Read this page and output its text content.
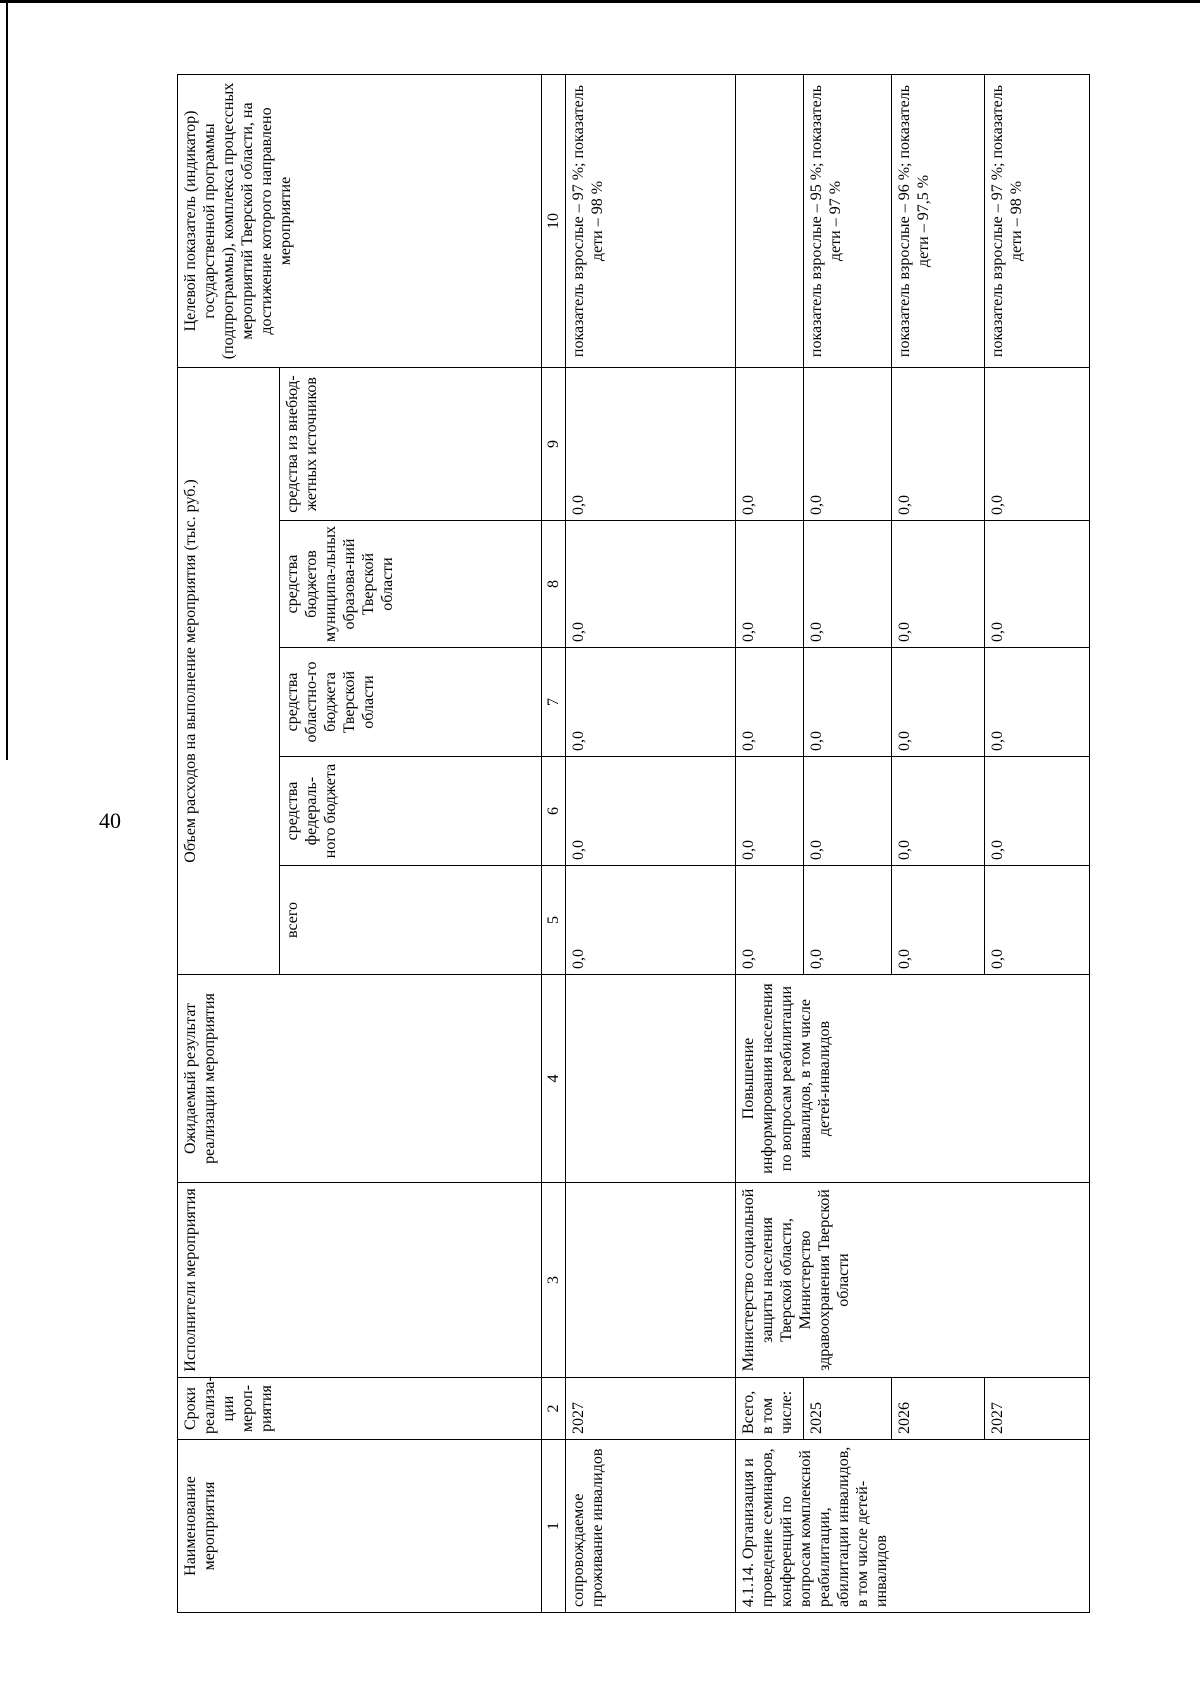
40
Наименование мероприятия	Сроки реализа-ции мероп-риятия	Исполнители мероприятия	Ожидаемый результат реализации мероприятия	Объем расходов на выполнение мероприятия (тыс. руб.)					Целевой показатель (индикатор) государственной программы (подпрограммы), комплекса процессных мероприятий Тверской области, на достижение которого направлено мероприятие
				всего	средства федераль-ного бюджета	средства областно-го бюджета Тверской области	средства бюджетов муниципа-льных образова-ний Тверской области	средства из внебюд-жетных источников	
1	2	3	4	5	6	7	8	9	10
сопровождаемое проживание инвалидов	2027			0,0	0,0	0,0	0,0	0,0	показатель взрослые – 97 %; показатель дети – 98 %
4.1.14. Организация и проведение семинаров, конференций по вопросам комплексной реабилитации, абилитации инвалидов, в том числе детей-инвалидов	Всего, в том числе:	Министерство социальной защиты населения Тверской области, Министерство здравоохранения Тверской области	Повышение информирования населения по вопросам реабилитации инвалидов, в том числе детей-инвалидов	0,0	0,0	0,0	0,0	0,0	
	2025			0,0	0,0	0,0	0,0	0,0	показатель взрослые – 95 %; показатель дети – 97 %
	2026			0,0	0,0	0,0	0,0	0,0	показатель взрослые – 96 %; показатель дети – 97,5 %
	2027			0,0	0,0	0,0	0,0	0,0	показатель взрослые – 97 %; показатель дети – 98 %
